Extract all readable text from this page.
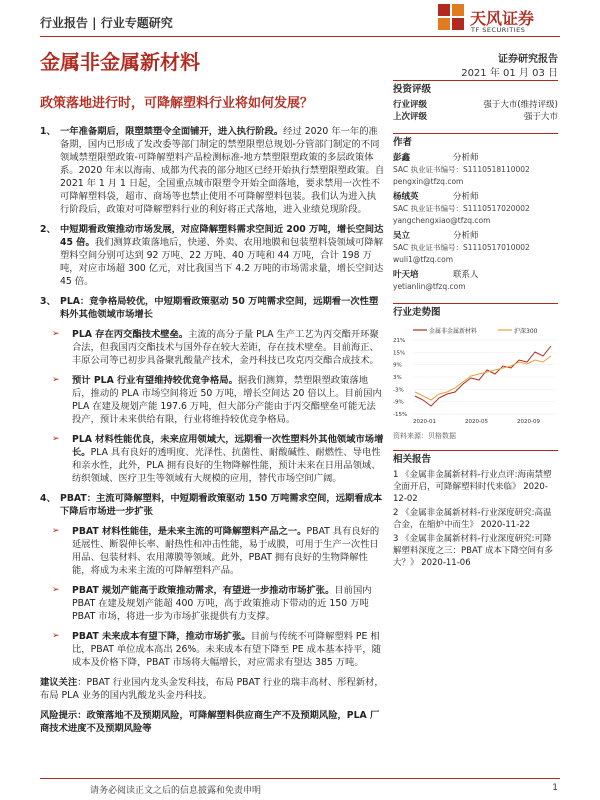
行业报告 | 行业专题研究	天风证券
TF SECURITIES
金属非金属新材料	证券研究报告
2021 年 01 月 03 日
政策落地进行时，可降解塑料行业将如何发展？
1、 一年准备期后，限塑禁塑令全面铺开，进入执行阶段。经过 2020 年一年的准备期，国内已形成了发改委等部门制定的禁塑限塑总规划-分管部门制定的不同领域禁塑限塑政策-可降解塑料产品检测标准-地方禁塑限塑政策的多层政策体系。2020 年末以海南、成都为代表的部分地区已经开始执行禁塑限塑政策。自 2021 年 1 月 1 日起，全国重点城市限塑令开始全面落地，要求禁用一次性不可降解塑料袋，超市、商场等也禁止使用不可降解塑料包装。我们认为进入执行阶段后，政策对可降解塑料行业的利好将正式落地，进入业绩兑现阶段。
2、 中短期看政策推动市场发展，对应降解塑料需求空间近 200 万吨，增长空间达 45 倍。我们测算政策落地后，快递、外卖、农用地膜和包装塑料袋领域可降解塑料空间分别可达到 92 万吨、22 万吨、40 万吨和 44 万吨，合计 198 万吨，对应市场超 300 亿元，对比我国当下 4.2 万吨的市场需求量，增长空间达 45 倍。
3、 PLA：竞争格局较优，中短期看政策驱动 50 万吨需求空间，远期看一次性塑料外其他领域市场增长
➢	PLA 存在丙交酯技术壁垒。主流的高分子量 PLA 生产工艺为丙交酯开环聚合法，但我国丙交酯技术与国外存在较大差距，存在技术壁垒。目前海正、丰原公司等已初步具备聚乳酸量产技术，金丹科技已攻克丙交酯合成技术。
➢	预计 PLA 行业有望维持较优竞争格局。据我们测算，禁塑限塑政策落地后，推动的 PLA 市场空间将近 50 万吨，增长空间达 20 倍以上。目前国内 PLA 在建及规划产能 197.6 万吨，但大部分产能由于丙交酯壁垒可能无法投产，预计未来供给有限，行业将维持较优竞争格局。
➢	PLA 材料性能优良，未来应用领域大，远期看一次性塑料外其他领域市场增长。PLA 具有良好的透明度、光泽性、抗菌性、耐酸碱性、耐燃性、导电性和亲水性，此外，PLA 拥有良好的生物降解性能，预计未来在日用品领域、纺织领域、医疗卫生等领域有大规模的应用，替代市场空间广阔。
4、 PBAT：主流可降解塑料，中短期看政策驱动 150 万吨需求空间，远期看成本下降后市场进一步扩张
➢	PBAT 材料性能佳，是未来主流的可降解塑料产品之一。PBAT 具有良好的延展性、断裂伸长率、耐热性和冲击性能，易于成膜，可用于生产一次性日用品、包装材料、农用薄膜等领域。此外，PBAT 拥有良好的生物降解性能，将成为未来主流的可降解塑料产品。
➢	PBAT 规划产能高于政策推动需求，有望进一步推动市场扩张。目前国内 PBAT 在建及规划产能超 400 万吨，高于政策推动下带动的近 150 万吨 PBAT 市场，将进一步为市场扩张提供有力支撑。
➢	PBAT 未来成本有望下降，推动市场扩张。目前与传统不可降解塑料 PE 相比，PBAT 单位成本高出 26%。未来成本有望下降至 PE 成本基本持平，随成本及价格下降，PBAT 市场将大幅增长，对应需求有望达 385 万吨。
建议关注：PBAT 行业国内龙头金发科技，布局 PBAT 行业的瑞丰高材、彤程新材，布局 PLA 业务的国内乳酸龙头金丹科技。
风险提示：政策落地不及预期风险，可降解塑料供应商生产不及预期风险，PLA 厂商技术进度不及预期风险等
投资评级
行业评级	强于大市(维持评级)
上次评级	强于大市
作者
彭鑫	分析师
SAC 执业证书编号：S1110518110002
pengxin@tfzq.com
杨绒英	分析师
SAC 执业证书编号：S1110517020002
yangchengxiao@tfzq.com
吴立	分析师
SAC 执业证书编号：S1110517010002
wuli1@tfzq.com
叶天培	联系人
yetianlin@tfzq.com
行业走势图
金属非金属新材料	沪深300
21%
15%
9%
3%
-3%
-9%
-15%
2020-01	2020-05	2020-09
资料来源：贝格数据
相关报告
1 《金属非金属新材料-行业点评:海南禁塑全面开启，可降解塑料时代来临》 2020-12-02
2 《金属非金属新材料-行业深度研究:高温合金，在缩炉中而生》 2020-11-22
3 《金属非金属新材料-行业深度研究:可降解塑料深度之三：PBAT 成本下降空间有多大？》 2020-11-06
请务必阅读正文之后的信息披露和免责申明	1
